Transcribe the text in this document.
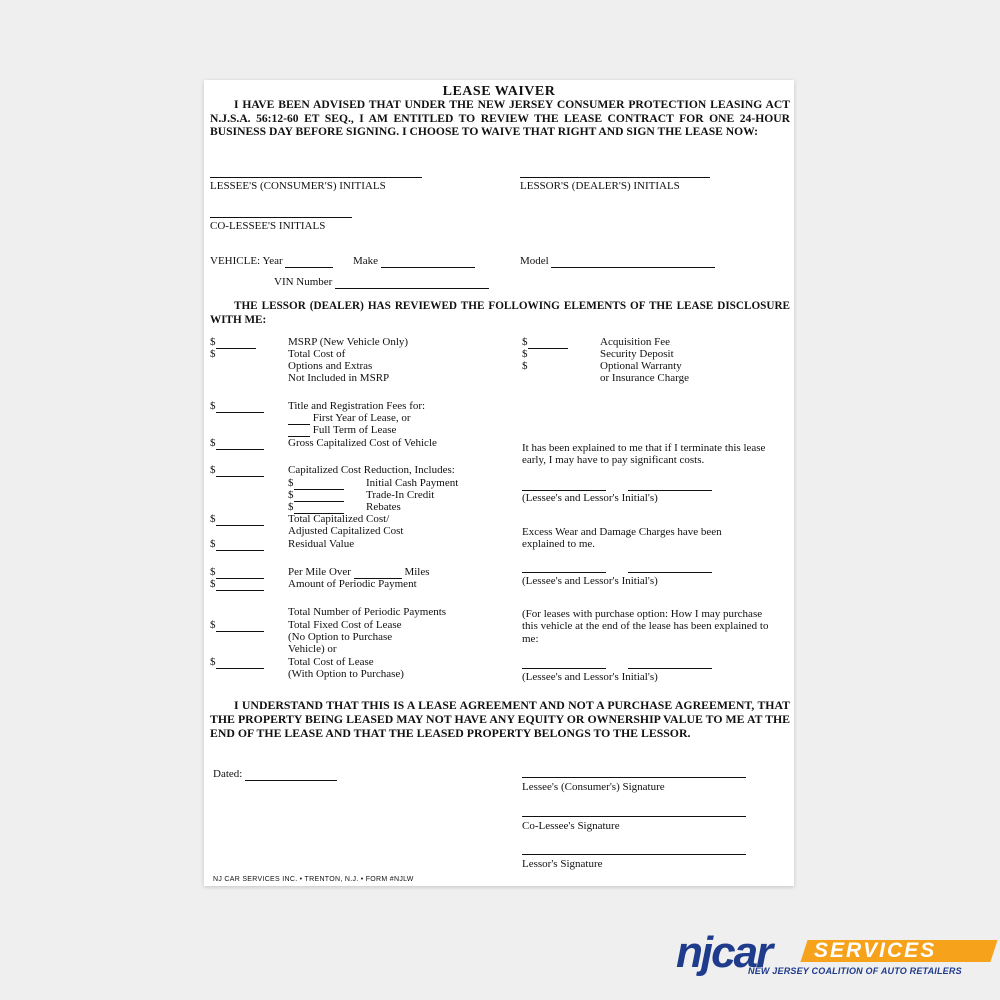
LEASE WAIVER
I HAVE BEEN ADVISED THAT UNDER THE NEW JERSEY CONSUMER PROTECTION LEASING ACT N.J.S.A. 56:12-60 ET SEQ., I AM ENTITLED TO REVIEW THE LEASE CONTRACT FOR ONE 24-HOUR BUSINESS DAY BEFORE SIGNING. I CHOOSE TO WAIVE THAT RIGHT AND SIGN THE LEASE NOW:
LESSEE'S (CONSUMER'S) INITIALS	LESSOR'S (DEALER'S) INITIALS
CO-LESSEE'S INITIALS
VEHICLE: Year	Make	Model
VIN Number
THE LESSOR (DEALER) HAS REVIEWED THE FOLLOWING ELEMENTS OF THE LEASE DISCLOSURE WITH ME:
$	MSRP (New Vehicle Only)
$	Total Cost of
Options and Extras
Not Included in MSRP
$	Title and Registration Fees for:
First Year of Lease, or
Full Term of Lease
$	Gross Capitalized Cost of Vehicle
$	Capitalized Cost Reduction, Includes:
$	Initial Cash Payment
$	Trade-In Credit
$	Rebates
$	Total Capitalized Cost/
Adjusted Capitalized Cost
$	Residual Value
$	Per Mile Over	Miles
$	Amount of Periodic Payment
Total Number of Periodic Payments
$	Total Fixed Cost of Lease
(No Option to Purchase
Vehicle) or
$	Total Cost of Lease
(With Option to Purchase)
$	Acquisition Fee
$	Security Deposit
$	Optional Warranty
or Insurance Charge
It has been explained to me that if I terminate this lease early, I may have to pay significant costs.
(Lessee's and Lessor's Initial's)
Excess Wear and Damage Charges have been explained to me.
(Lessee's and Lessor's Initial's)
(For leases with purchase option: How I may purchase this vehicle at the end of the lease has been explained to me:
(Lessee's and Lessor's Initial's)
I UNDERSTAND THAT THIS IS A LEASE AGREEMENT AND NOT A PURCHASE AGREEMENT, THAT THE PROPERTY BEING LEASED MAY NOT HAVE ANY EQUITY OR OWNERSHIP VALUE TO ME AT THE END OF THE LEASE AND THAT THE LEASED PROPERTY BELONGS TO THE LESSOR.
Dated:
Lessee's (Consumer's) Signature
Co-Lessee's Signature
Lessor's Signature
NJ CAR SERVICES INC. • TRENTON, N.J. • FORM #NJLW
njcar SERVICES
NEW JERSEY COALITION OF AUTO RETAILERS
